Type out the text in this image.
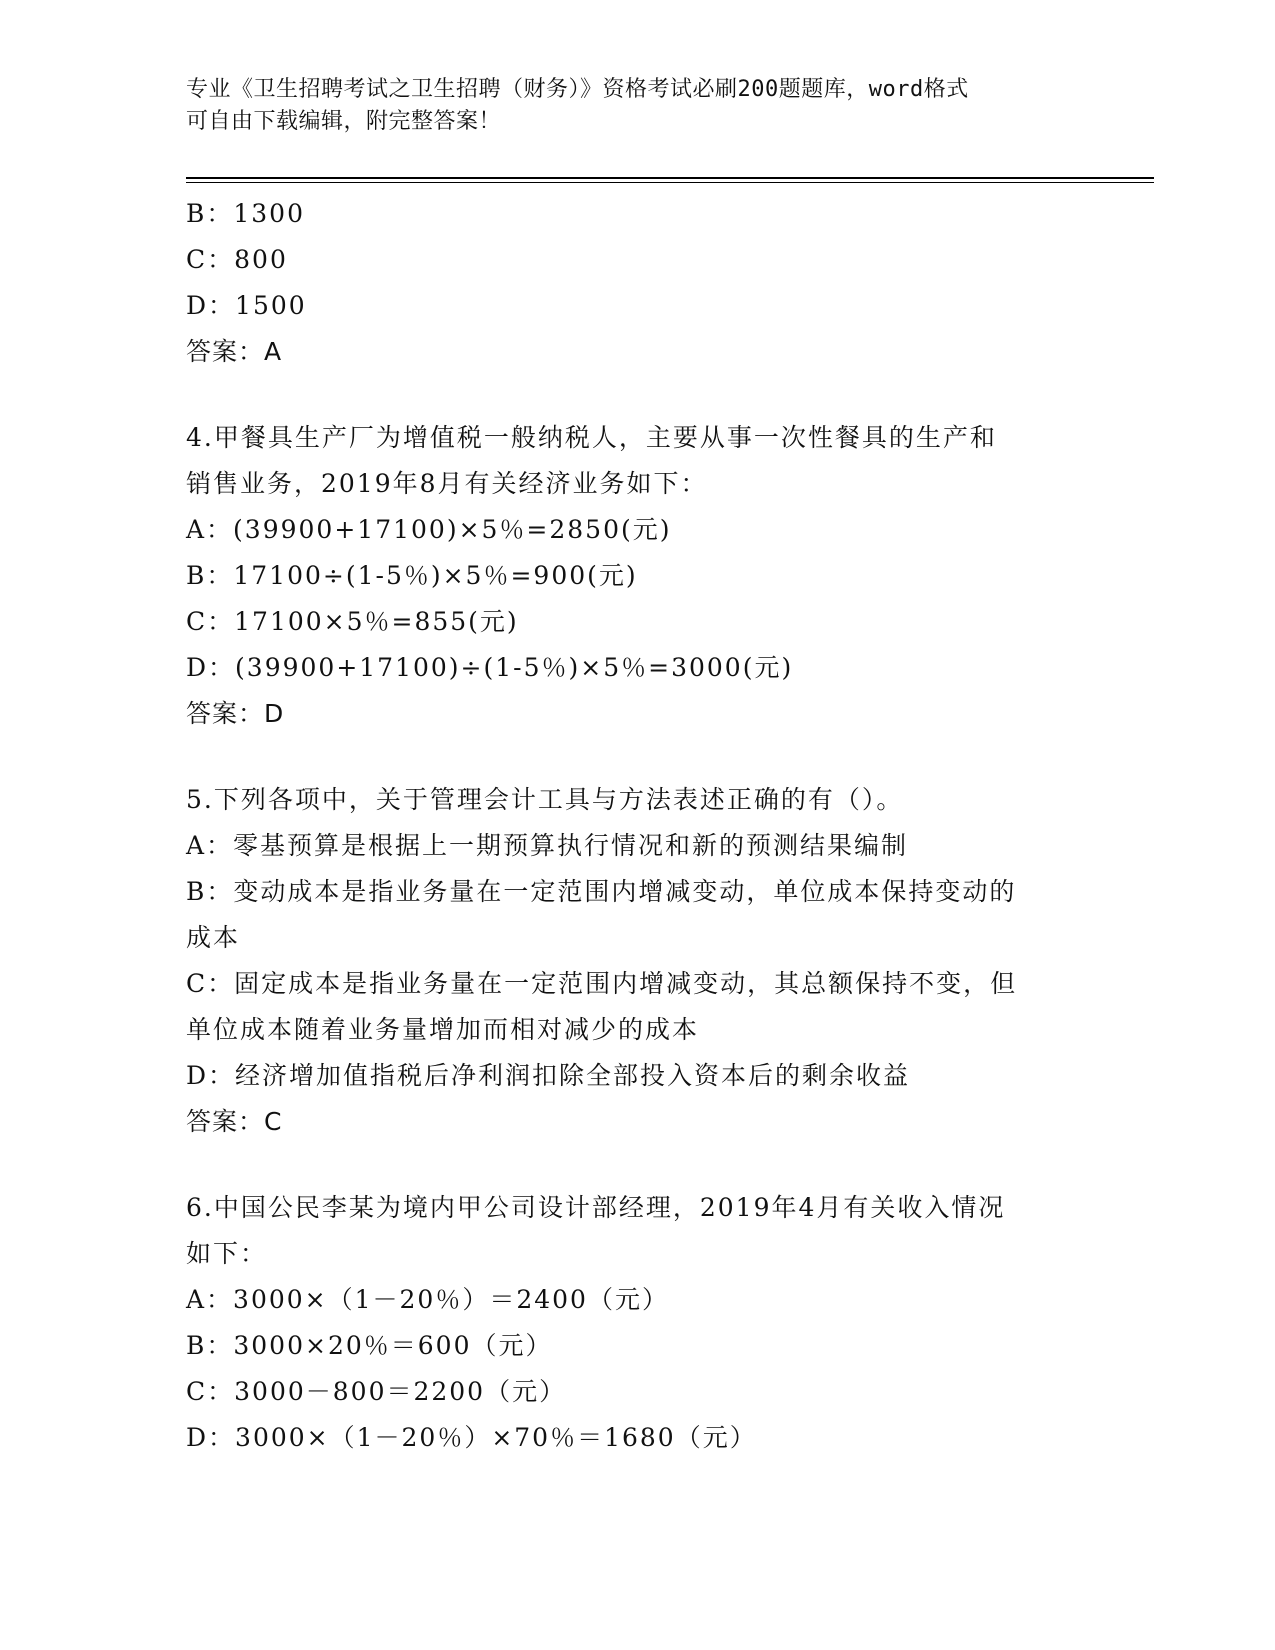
专业《卫生招聘考试之卫生招聘（财务）》资格考试必刷200题题库，word格式
可自由下载编辑，附完整答案！
B：1300
C：800
D：1500
答案：A
4.甲餐具生产厂为增值税一般纳税人，主要从事一次性餐具的生产和
销售业务，2019年8月有关经济业务如下：
A：(39900+17100)×5％=2850(元)
B：17100÷(1-5％)×5％=900(元)
C：17100×5％=855(元)
D：(39900+17100)÷(1-5％)×5％=3000(元)
答案：D
5.下列各项中，关于管理会计工具与方法表述正确的有（）。
A：零基预算是根据上一期预算执行情况和新的预测结果编制
B：变动成本是指业务量在一定范围内增减变动，单位成本保持变动的
成本
C：固定成本是指业务量在一定范围内增减变动，其总额保持不变，但
单位成本随着业务量增加而相对减少的成本
D：经济增加值指税后净利润扣除全部投入资本后的剩余收益
答案：C
6.中国公民李某为境内甲公司设计部经理，2019年4月有关收入情况
如下：
A：3000×（1－20％）＝2400（元）
B：3000×20％＝600（元）
C：3000－800＝2200（元）
D：3000×（1－20％）×70％＝1680（元）
